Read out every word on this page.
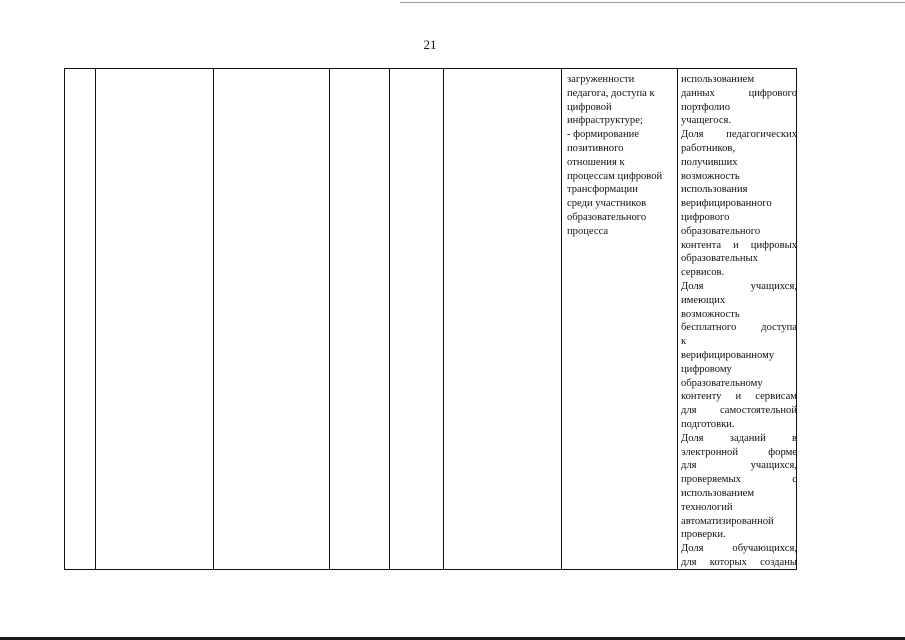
21
загруженности
педагога, доступа к
цифровой
инфраструктуре;
- формирование
позитивного
отношения к
процессам цифровой
трансформации
среди участников
образовательного
процесса
использованием
данных цифрового
портфолио
учащегося.
Доля педагогических
работников,
получивших
возможность
использования
верифицированного
цифрового
образовательного
контента и цифровых
образовательных
сервисов.
Доля учащихся,
имеющих
возможность
бесплатного доступа
к
верифицированному
цифровому
образовательному
контенту и сервисам
для самостоятельной
подготовки.
Доля заданий в
электронной форме
для учащихся,
проверяемых с
использованием
технологий
автоматизированной
проверки.
Доля обучающихся,
для которых созданы
